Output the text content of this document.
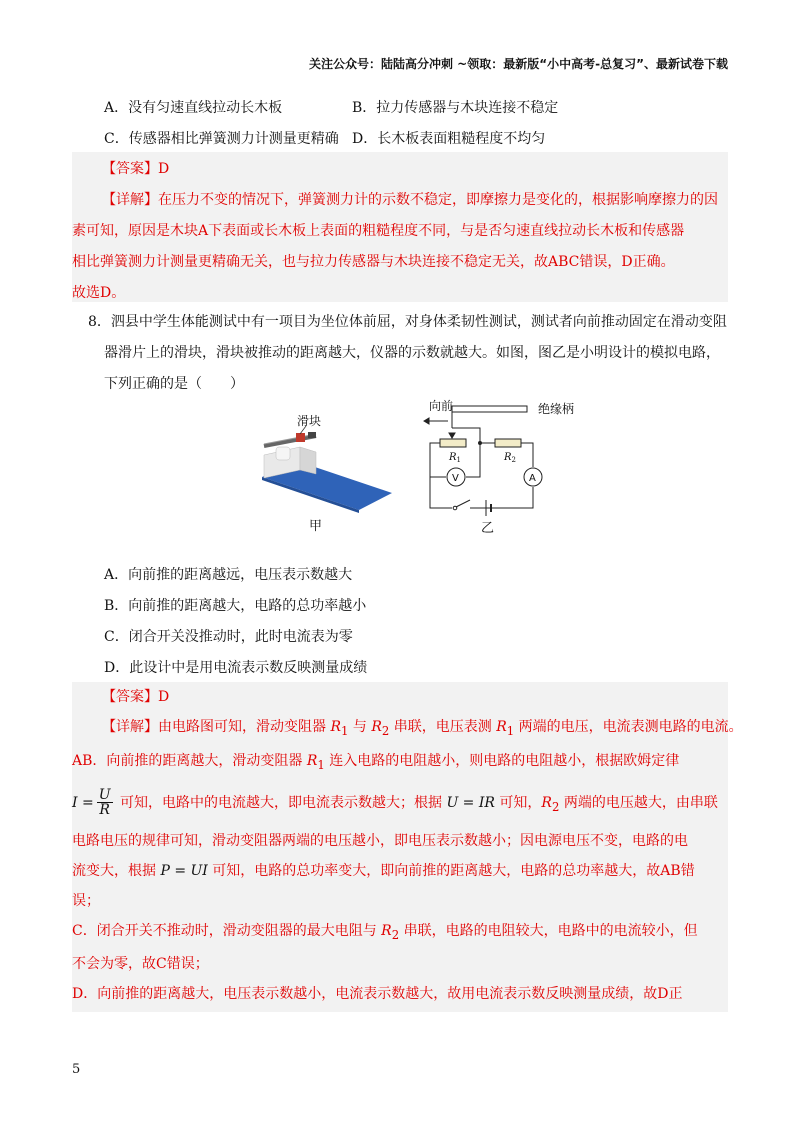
关注公众号：陆陆高分冲刺 ~领取：最新版“小中高考-总复习”、最新试卷下载
A．没有匀速直线拉动长木板	B．拉力传感器与木块连接不稳定
C．传感器相比弹簧测力计测量更精确 D．长木板表面粗糙程度不均匀
【答案】D
【详解】在压力不变的情况下，弹簧测力计的示数不稳定，即摩擦力是变化的，根据影响摩擦力的因
素可知，原因是木块A下表面或长木板上表面的粗糙程度不同，与是否匀速直线拉动长木板和传感器
相比弹簧测力计测量更精确无关，也与拉力传感器与木块连接不稳定无关，故ABC错误，D正确。
故选D。
8．泗县中学生体能测试中有一项目为坐位体前屈，对身体柔韧性测试，测试者向前推动固定在滑动变阻
器滑片上的滑块，滑块被推动的距离越大，仪器的示数就越大。如图，图乙是小明设计的模拟电路，
下列正确的是（　　）
滑块
甲
绝缘柄
向前
V	A
$R_1$	$R_2$
乙
A．向前推的距离越远，电压表示数越大
B．向前推的距离越大，电路的总功率越小
C．闭合开关没推动时，此时电流表为零
D．此设计中是用电流表示数反映测量成绩
【答案】D
【详解】由电路图可知，滑动变阻器 $R_1$ 与 $R_2$ 串联，电压表测 $R_1$ 两端的电压，电流表测电路的电流。
AB．向前推的距离越大，滑动变阻器 $R_1$ 连入电路的电阻越小，则电路的电阻越小，根据欧姆定律
$I = \frac{U}{R}$ 可知，电路中的电流越大，即电流表示数越大；根据 U = IR 可知，$R_2$ 两端的电压越大，由串联
电路电压的规律可知，滑动变阻器两端的电压越小，即电压表示数越小；因电源电压不变，电路的电
流变大，根据 P = UI 可知，电路的总功率变大，即向前推的距离越大，电路的总功率越大，故AB错
误；
C．闭合开关不推动时，滑动变阻器的最大电阻与 $R_2$ 串联，电路的电阻较大，电路中的电流较小，但
不会为零，故C错误；
D．向前推的距离越大，电压表示数越小，电流表示数越大，故用电流表示数反映测量成绩，故D正
5
